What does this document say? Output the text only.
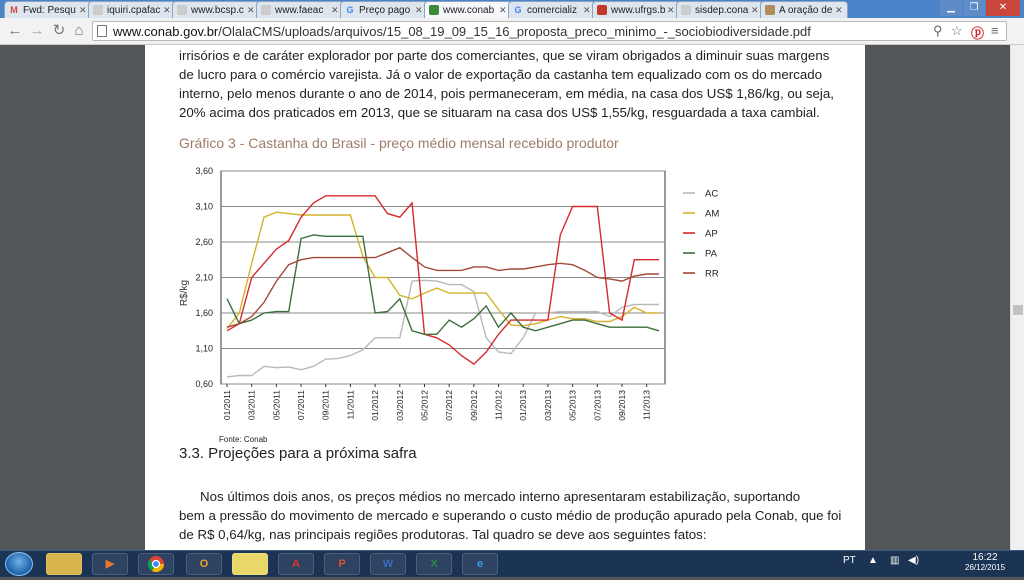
M Fwd: Pesqu ✕ iquiri.cpafac ✕ www.bcsp.c ✕ www.faeac ✕ G Preço pago ✕ www.conab ✕ G comercializ ✕ www.ufrgs.b ✕ sisdep.cona ✕ A oração de ✕	▁	❐	✕
← → ↻ ⌂	www.conab.gov.br/OlalaCMS/uploads/arquivos/15_08_19_09_15_16_proposta_preco_minimo_-_sociobiodiversidade.pdf	⚲ ☆ ⓟ ≡
irrisórios e de caráter explorador por parte dos comerciantes, que se viram obrigados a diminuir suas margens
de lucro para o comércio varejista. Já o valor de exportação da castanha tem equalizado com os do mercado
interno, pelo menos durante o ano de 2014, pois permaneceram, em média, na casa dos US$ 1,86/kg, ou seja,
20% acima dos praticados em 2013, que se situaram na casa dos US$ 1,55/kg, resguardada a taxa cambial.
Gráfico 3 - Castanha do Brasil - preço médio mensal recebido produtor
3,60
3,10
2,60
2,10
1,60
1,10
0,60
01/2011 03/2011 05/2011 07/2011 09/2011 11/2011 01/2012 03/2012 05/2012 07/2012 09/2012 11/2012 01/2013 03/2013 05/2013 07/2013 09/2013 11/2013
AC
AM
AP
PA
RR
R$/kg
Fonte: Conab
3.3. Projeções para a próxima safra
Nos últimos dois anos, os preços médios no mercado interno apresentaram estabilização, suportando
bem a pressão do movimento de mercado e superando o custo médio de produção apurado pela Conab, que foi
de R$ 0,64/kg, nas principais regiões produtoras. Tal quadro se deve aos seguintes fatos:
▶	O	A	P	W	X	e	PT ▲ ▥ ◀)	16:22
26/12/2015
